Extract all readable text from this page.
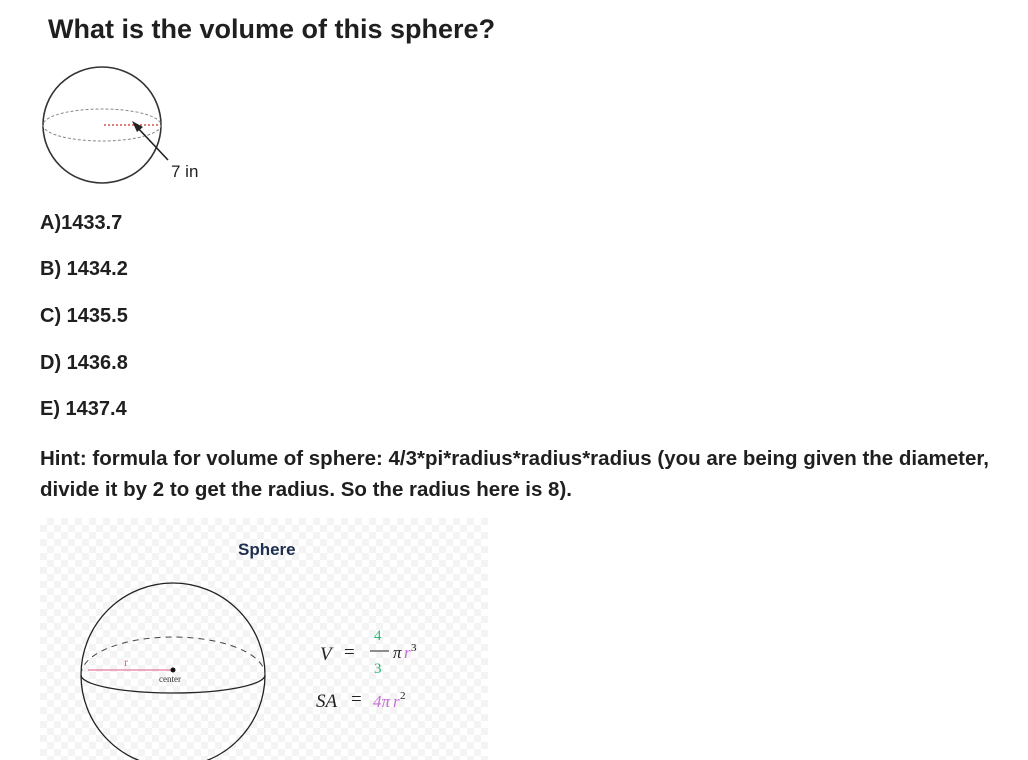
What is the volume of this sphere?
7 in

A)1433.7

B) 1434.2

C) 1435.5

D) 1436.8

E) 1437.4

Hint: formula for volume of sphere: 4/3*pi*radius*radius*radius (you are being given the diameter, divide it by 2 to get the radius. So the radius here is 8).

Sphere

r
center
V =
4
3
π r 3
SA = 4π r 2
